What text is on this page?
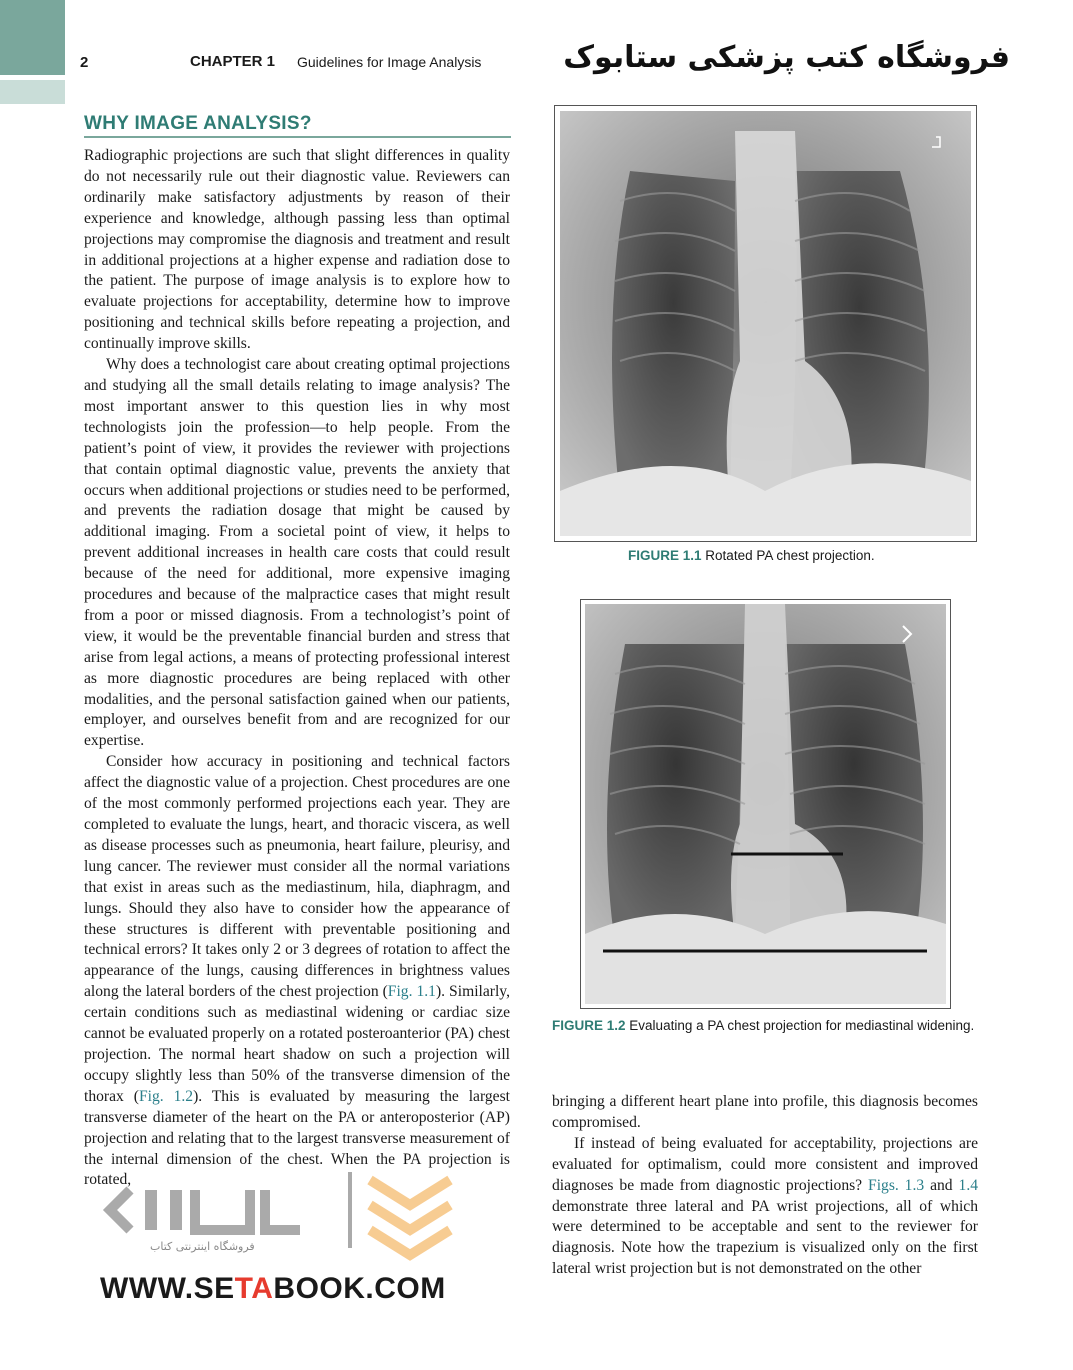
2	CHAPTER 1 Guidelines for Image Analysis	فروشگاه کتب پزشکی ستابوک
WHY IMAGE ANALYSIS?

Radiographic projections are such that slight differences in quality do not necessarily rule out their diagnostic value. Reviewers can ordinarily make satisfactory adjustments by reason of their experience and knowledge, although passing less than optimal projections may compromise the diagnosis and treatment and result in additional projections at a higher expense and radiation dose to the patient. The purpose of image analysis is to explore how to evaluate projections for acceptability, determine how to improve positioning and technical skills before repeating a projection, and continually improve skills.

Why does a technologist care about creating optimal projections and studying all the small details relating to image analysis? The most important answer to this question lies in why most technologists join the profession—to help people. From the patient’s point of view, it provides the reviewer with projections that contain optimal diagnostic value, prevents the anxiety that occurs when additional projections or studies need to be performed, and prevents the radiation dosage that might be caused by additional imaging. From a societal point of view, it helps to prevent additional increases in health care costs that could result because of the need for additional, more expensive imaging procedures and because of the malpractice cases that might result from a poor or missed diagnosis. From a technologist’s point of view, it would be the preventable financial burden and stress that arise from legal actions, a means of protecting professional interest as more diagnostic procedures are being replaced with other modalities, and the personal satisfaction gained when our patients, employer, and ourselves benefit from and are recognized for our expertise.

Consider how accuracy in positioning and technical factors affect the diagnostic value of a projection. Chest procedures are one of the most commonly performed projections each year. They are completed to evaluate the lungs, heart, and thoracic viscera, as well as disease processes such as pneumonia, heart failure, pleurisy, and lung cancer. The reviewer must consider all the normal variations that exist in areas such as the mediastinum, hila, diaphragm, and lungs. Should they also have to consider how the appearance of these structures is different with preventable positioning and technical errors? It takes only 2 or 3 degrees of rotation to affect the appearance of the lungs, causing differences in brightness values along the lateral borders of the chest projection (Fig. 1.1). Similarly, certain conditions such as mediastinal widening or cardiac size cannot be evaluated properly on a rotated posteroanterior (PA) chest projection. The normal heart shadow on such a projection will occupy slightly less than 50% of the transverse dimension of the thorax (Fig. 1.2). This is evaluated by measuring the largest transverse diameter of the heart on the PA or anteroposterior (AP) projection and relating that to the largest transverse measurement of the internal dimension of the chest. When the PA projection is rotated,

FIGURE 1.1 Rotated PA chest projection.
FIGURE 1.2 Evaluating a PA chest projection for mediastinal widening.

bringing a different heart plane into profile, this diagnosis becomes compromised.

If instead of being evaluated for acceptability, projections are evaluated for optimalism, could more consistent and improved diagnoses be made from diagnostic projections? Figs. 1.3 and 1.4 demonstrate three lateral and PA wrist projections, all of which were determined to be acceptable and sent to the reviewer for diagnosis. Note how the trapezium is visualized only on the first lateral wrist projection but is not demonstrated on the other

فروشگاه اینترنتی کتاب
WWW.SETABOOK.COM
